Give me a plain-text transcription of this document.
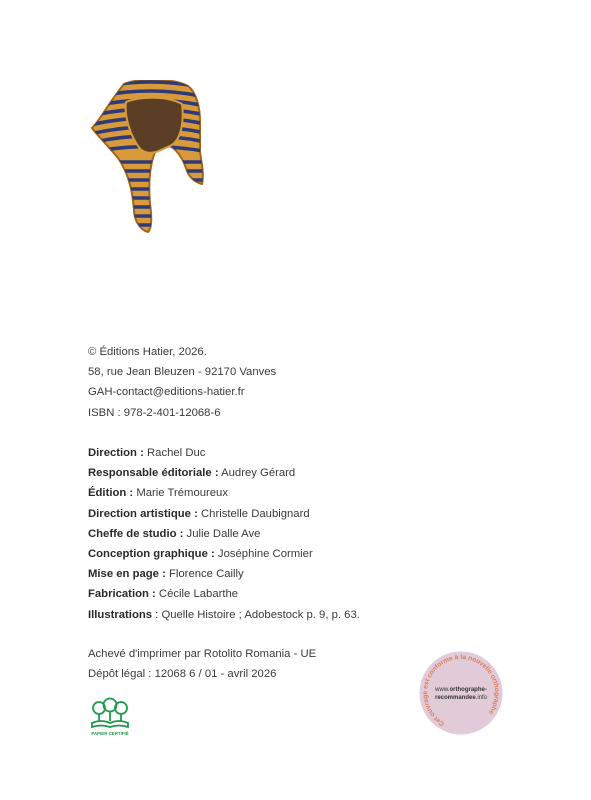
© Éditions Hatier, 2026.
58, rue Jean Bleuzen - 92170 Vanves
GAH-contact@editions-hatier.fr
ISBN : 978-2-401-12068-6
Direction : Rachel Duc
Responsable éditoriale : Audrey Gérard
Édition : Marie Trémoureux
Direction artistique : Christelle Daubignard
Cheffe de studio : Julie Dalle Ave
Conception graphique : Joséphine Cormier
Mise en page : Florence Cailly
Fabrication : Cécile Labarthe
Illustrations : Quelle Histoire ; Adobestock p. 9, p. 63.
Achevé d'imprimer par Rotolito Romania - UE
Dépôt légal : 12068 6 / 01 - avril 2026
PAPIER CERTIFIÉ
Cet ouvrage est conforme à la nouvelle orthographe
www.orthographe-
recommandee.info
